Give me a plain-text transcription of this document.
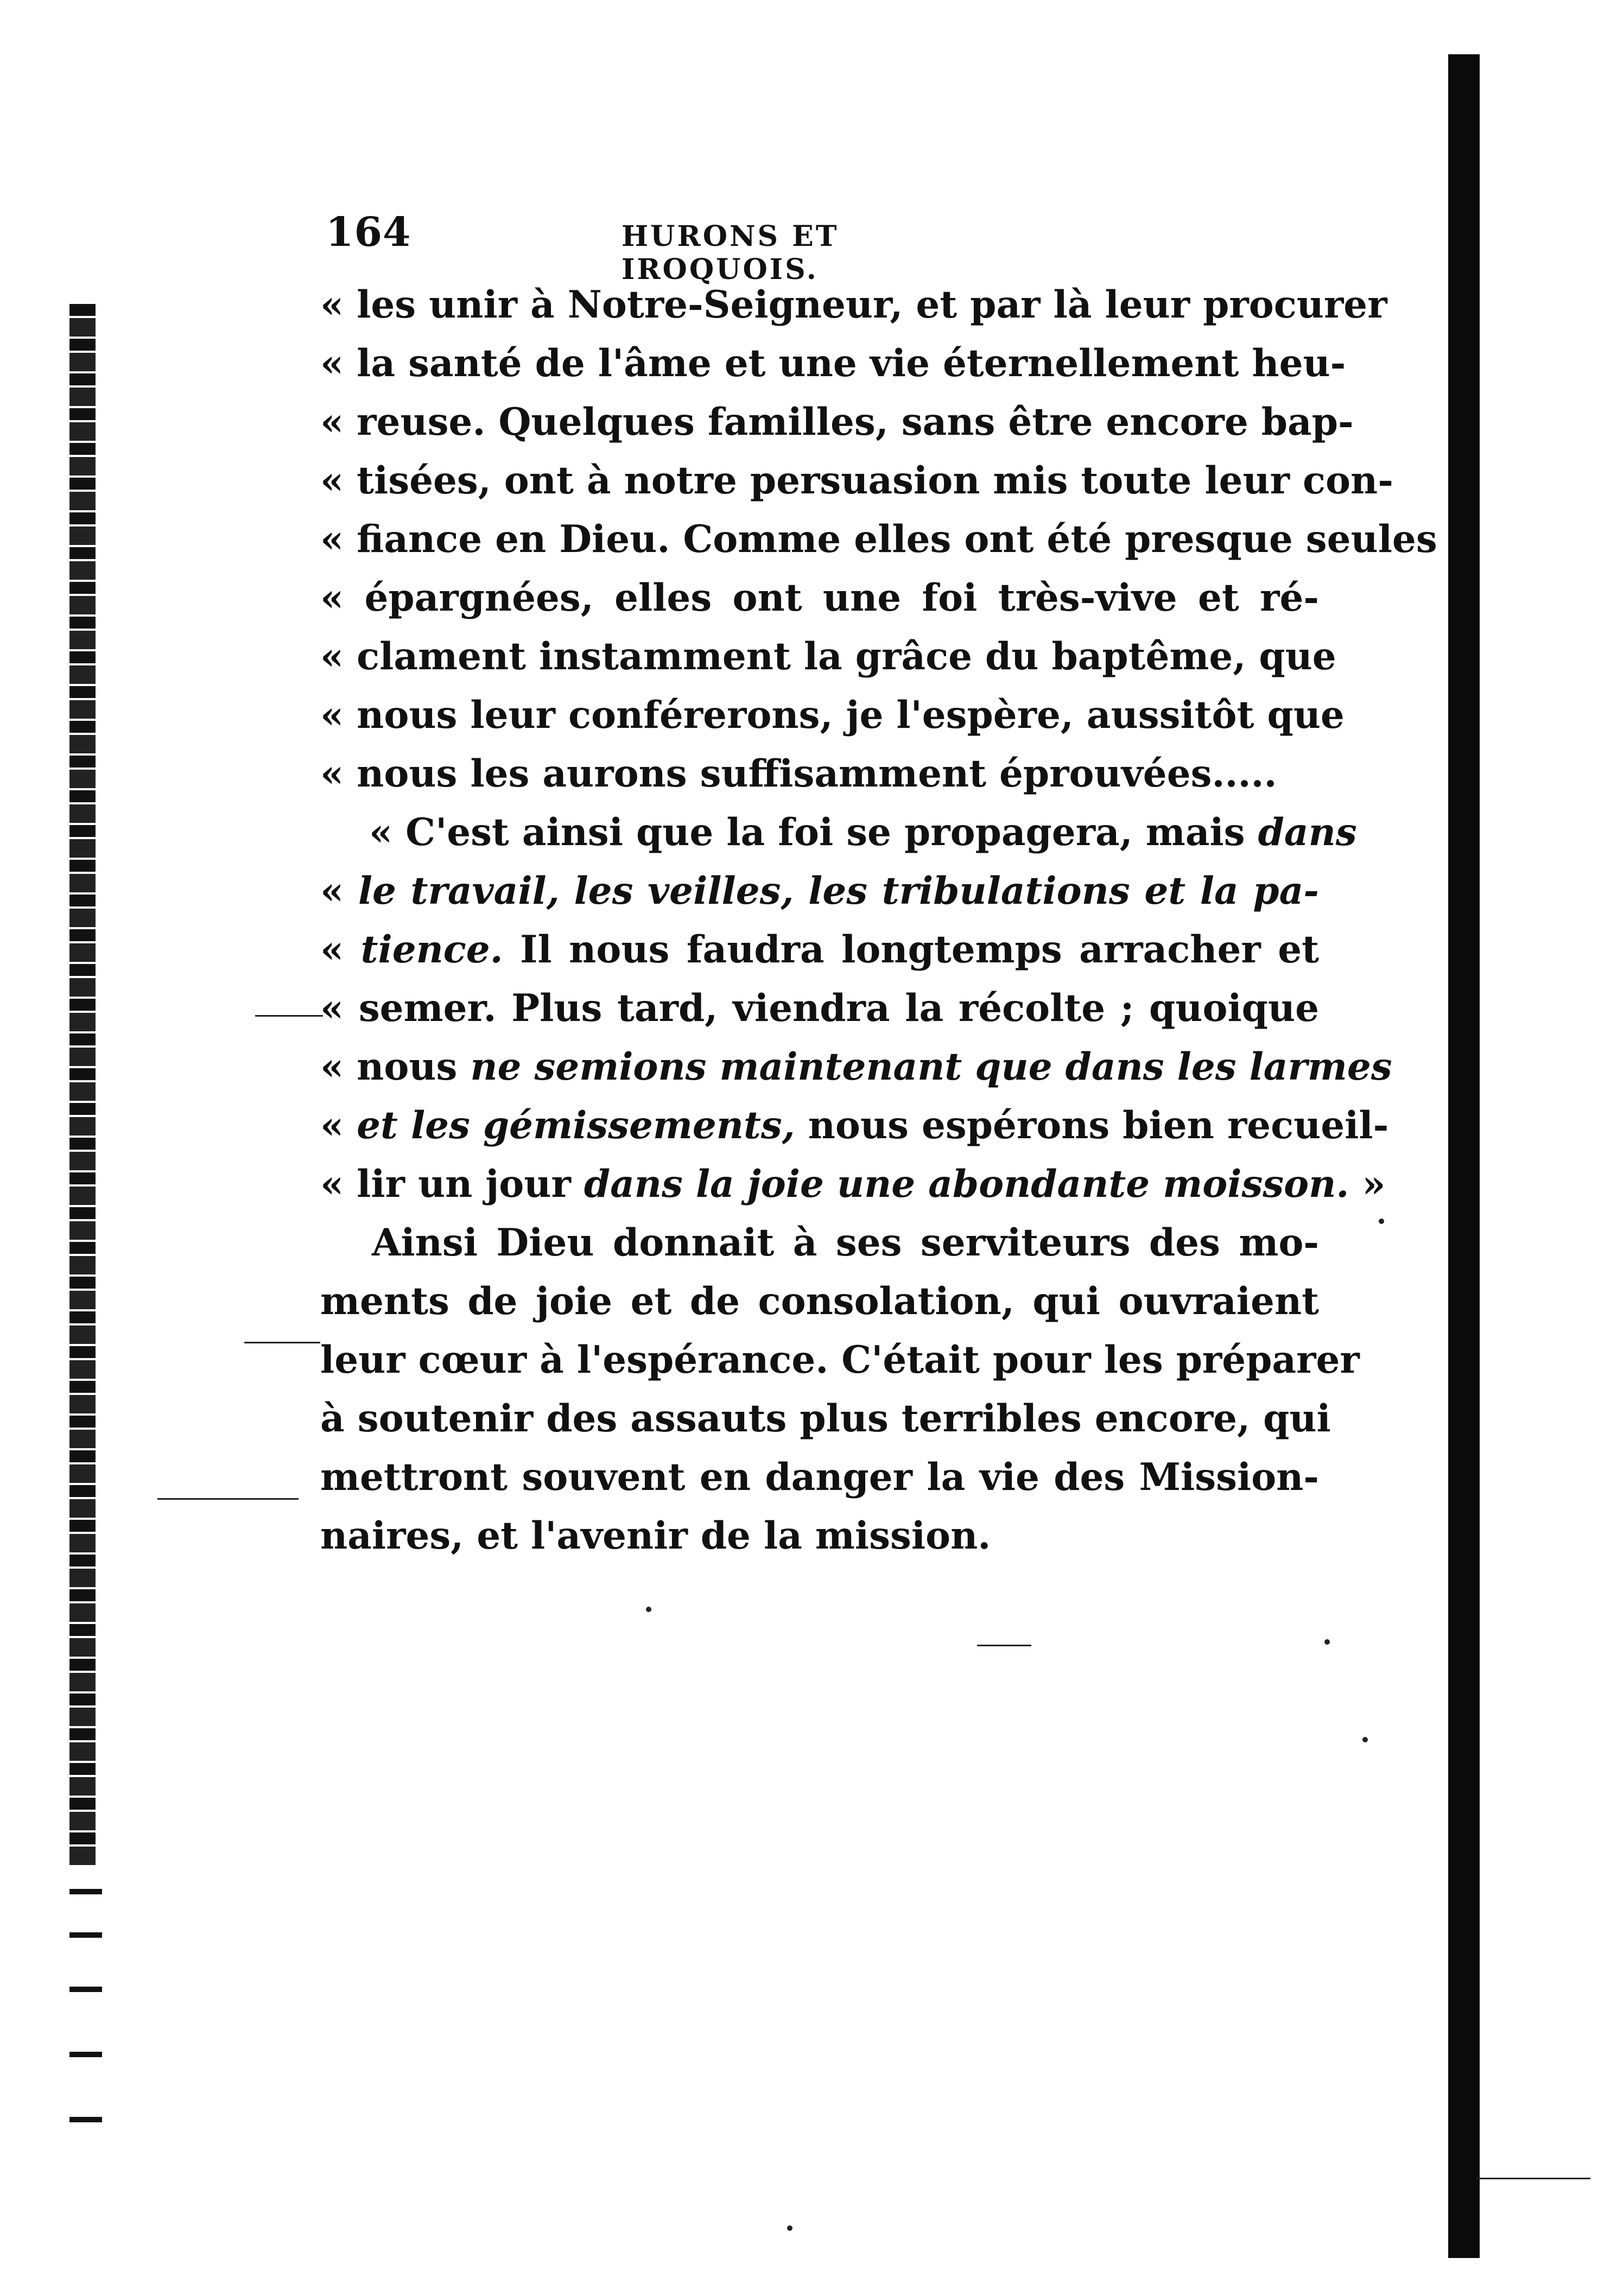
164	HURONS ET IROQUOIS.
« les unir à Notre-Seigneur, et par là leur procurer
« la santé de l'âme et une vie éternellement heu-
« reuse. Quelques familles, sans être encore bap-
« tisées, ont à notre persuasion mis toute leur con-
« fiance en Dieu. Comme elles ont été presque seules
« épargnées, elles ont une foi très-vive et ré-
« clament instamment la grâce du baptême, que
« nous leur conférerons, je l'espère, aussitôt que
« nous les aurons suffisamment éprouvées.....
« C'est ainsi que la foi se propagera, mais dans
« le travail, les veilles, les tribulations et la pa-
« tience. Il nous faudra longtemps arracher et
« semer. Plus tard, viendra la récolte ; quoique
« nous ne semions maintenant que dans les larmes
« et les gémissements, nous espérons bien recueil-
« lir un jour dans la joie une abondante moisson. »
Ainsi Dieu donnait à ses serviteurs des mo-
ments de joie et de consolation, qui ouvraient
leur cœur à l'espérance. C'était pour les préparer
à soutenir des assauts plus terribles encore, qui
mettront souvent en danger la vie des Mission-
naires, et l'avenir de la mission.
